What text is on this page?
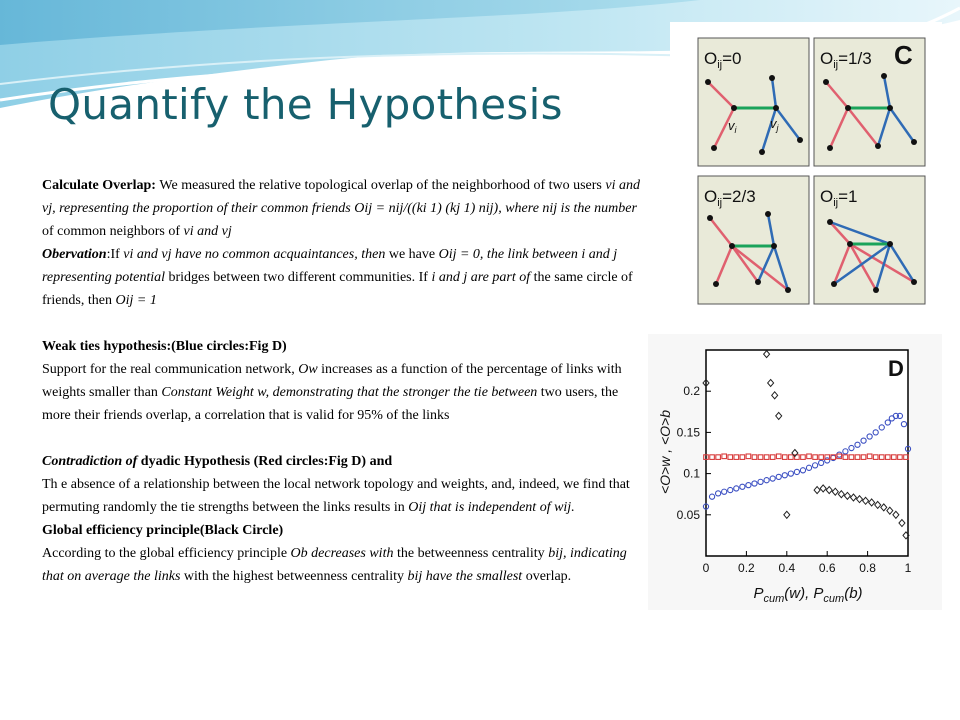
Quantify the Hypothesis

Calculate Overlap: We measured the relative topological overlap of the neighborhood of two users vi and vj, representing the proportion of their common friends Oij = nij/((ki 1) (kj 1) nij), where nij is the number of common neighbors of vi and vj

Obervation:If vi and vj have no common acquaintances, then we have Oij = 0, the link between i and j representing potential bridges between two different communities. If i and j are part of the same circle of friends, then Oij = 1

Weak ties hypothesis:(Blue circles:Fig D)

Support for the real communication network, Ow increases as a function of the percentage of links with weights smaller than Constant Weight w, demonstrating that the stronger the tie between two users, the more their friends overlap, a correlation that is valid for 95% of the links

Contradiction of dyadic Hypothesis (Red circles:Fig D) and

Th e absence of a relationship between the local network topology and weights, and, indeed, we find that permuting randomly the tie strengths between the links results in Oij that is independent of wij.

Global efficiency principle(Black Circle)

According to the global efficiency principle Ob decreases with the betweenness centrality bij, indicating that on average the links with the highest betweenness centrality bij have the smallest overlap.

$O_{ij}=0$
$v_i$	$v_j$
$O_{ij}=1/3$ C
$O_{ij}=2/3$	$O_{ij}=1$
0 0.2 0.4 0.6 0.8 1
0.05
0.1
0.15
0.2
D
<O>w , <O>b
$P_{cum}(w)$, $P_{cum}(b)$
